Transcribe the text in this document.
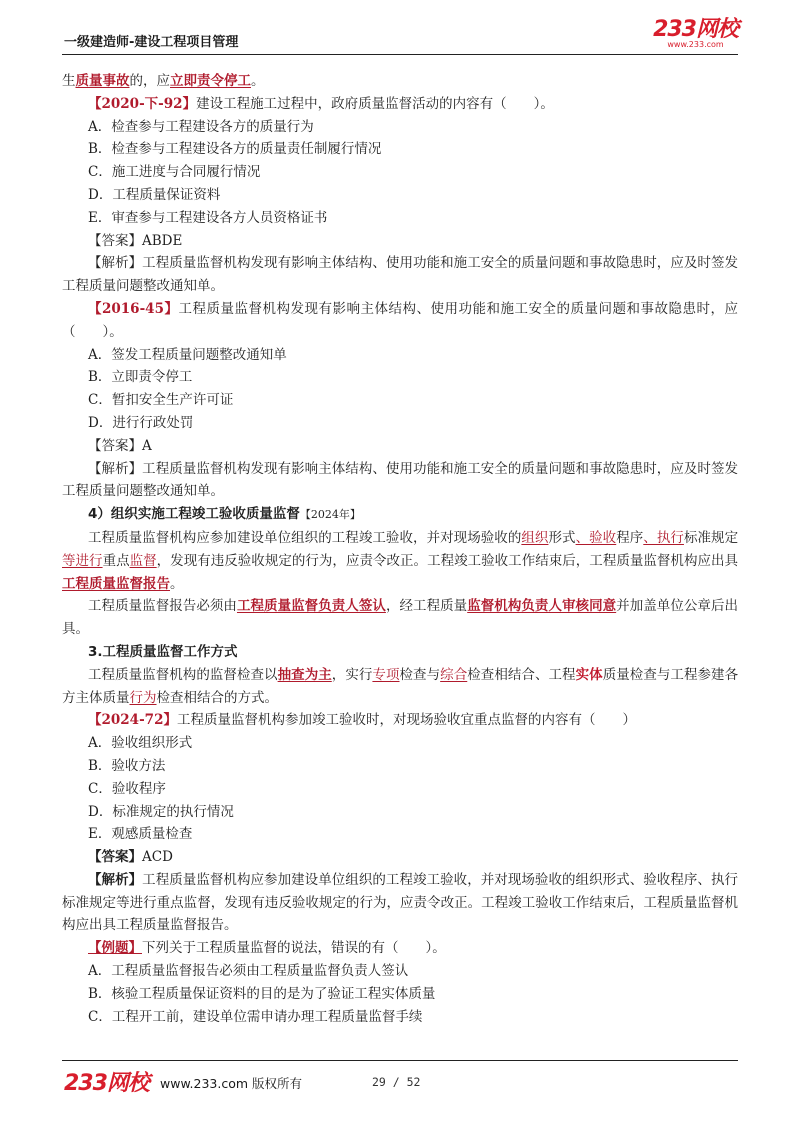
一级建造师-建设工程项目管理
233网校
www.233.com

生质量事故的，应立即责令停工。

【2020-下-92】建设工程施工过程中，政府质量监督活动的内容有（　　）。

A．检查参与工程建设各方的质量行为

B．检查参与工程建设各方的质量责任制履行情况

C．施工进度与合同履行情况

D．工程质量保证资料

E．审查参与工程建设各方人员资格证书

【答案】ABDE

【解析】工程质量监督机构发现有影响主体结构、使用功能和施工安全的质量问题和事故隐患时，应及时签发工程质量问题整改通知单。

【2016-45】工程质量监督机构发现有影响主体结构、使用功能和施工安全的质量问题和事故隐患时，应（　　）。

A．签发工程质量问题整改通知单

B．立即责令停工

C．暂扣安全生产许可证

D．进行行政处罚

【答案】A

【解析】工程质量监督机构发现有影响主体结构、使用功能和施工安全的质量问题和事故隐患时，应及时签发工程质量问题整改通知单。

4）组织实施工程竣工验收质量监督【2024年】

工程质量监督机构应参加建设单位组织的工程竣工验收，并对现场验收的组织形式、验收程序、执行标准规定等进行重点监督，发现有违反验收规定的行为，应责令改正。工程竣工验收工作结束后，工程质量监督机构应出具工程质量监督报告。

工程质量监督报告必须由工程质量监督负责人签认，经工程质量监督机构负责人审核同意并加盖单位公章后出具。

3.工程质量监督工作方式

工程质量监督机构的监督检查以抽查为主，实行专项检查与综合检查相结合、工程实体质量检查与工程参建各方主体质量行为检查相结合的方式。

【2024-72】工程质量监督机构参加竣工验收时，对现场验收宜重点监督的内容有（　　）

A．验收组织形式

B．验收方法

C．验收程序

D．标准规定的执行情况

E．观感质量检查

【答案】ACD

【解析】工程质量监督机构应参加建设单位组织的工程竣工验收，并对现场验收的组织形式、验收程序、执行标准规定等进行重点监督，发现有违反验收规定的行为，应责令改正。工程竣工验收工作结束后，工程质量监督机构应出具工程质量监督报告。

【例题】下列关于工程质量监督的说法，错误的有（　　）。

A．工程质量监督报告必须由工程质量监督负责人签认

B．核验工程质量保证资料的目的是为了验证工程实体质量

C．工程开工前，建设单位需申请办理工程质量监督手续

233网校 www.233.com 版权所有	29 / 52
